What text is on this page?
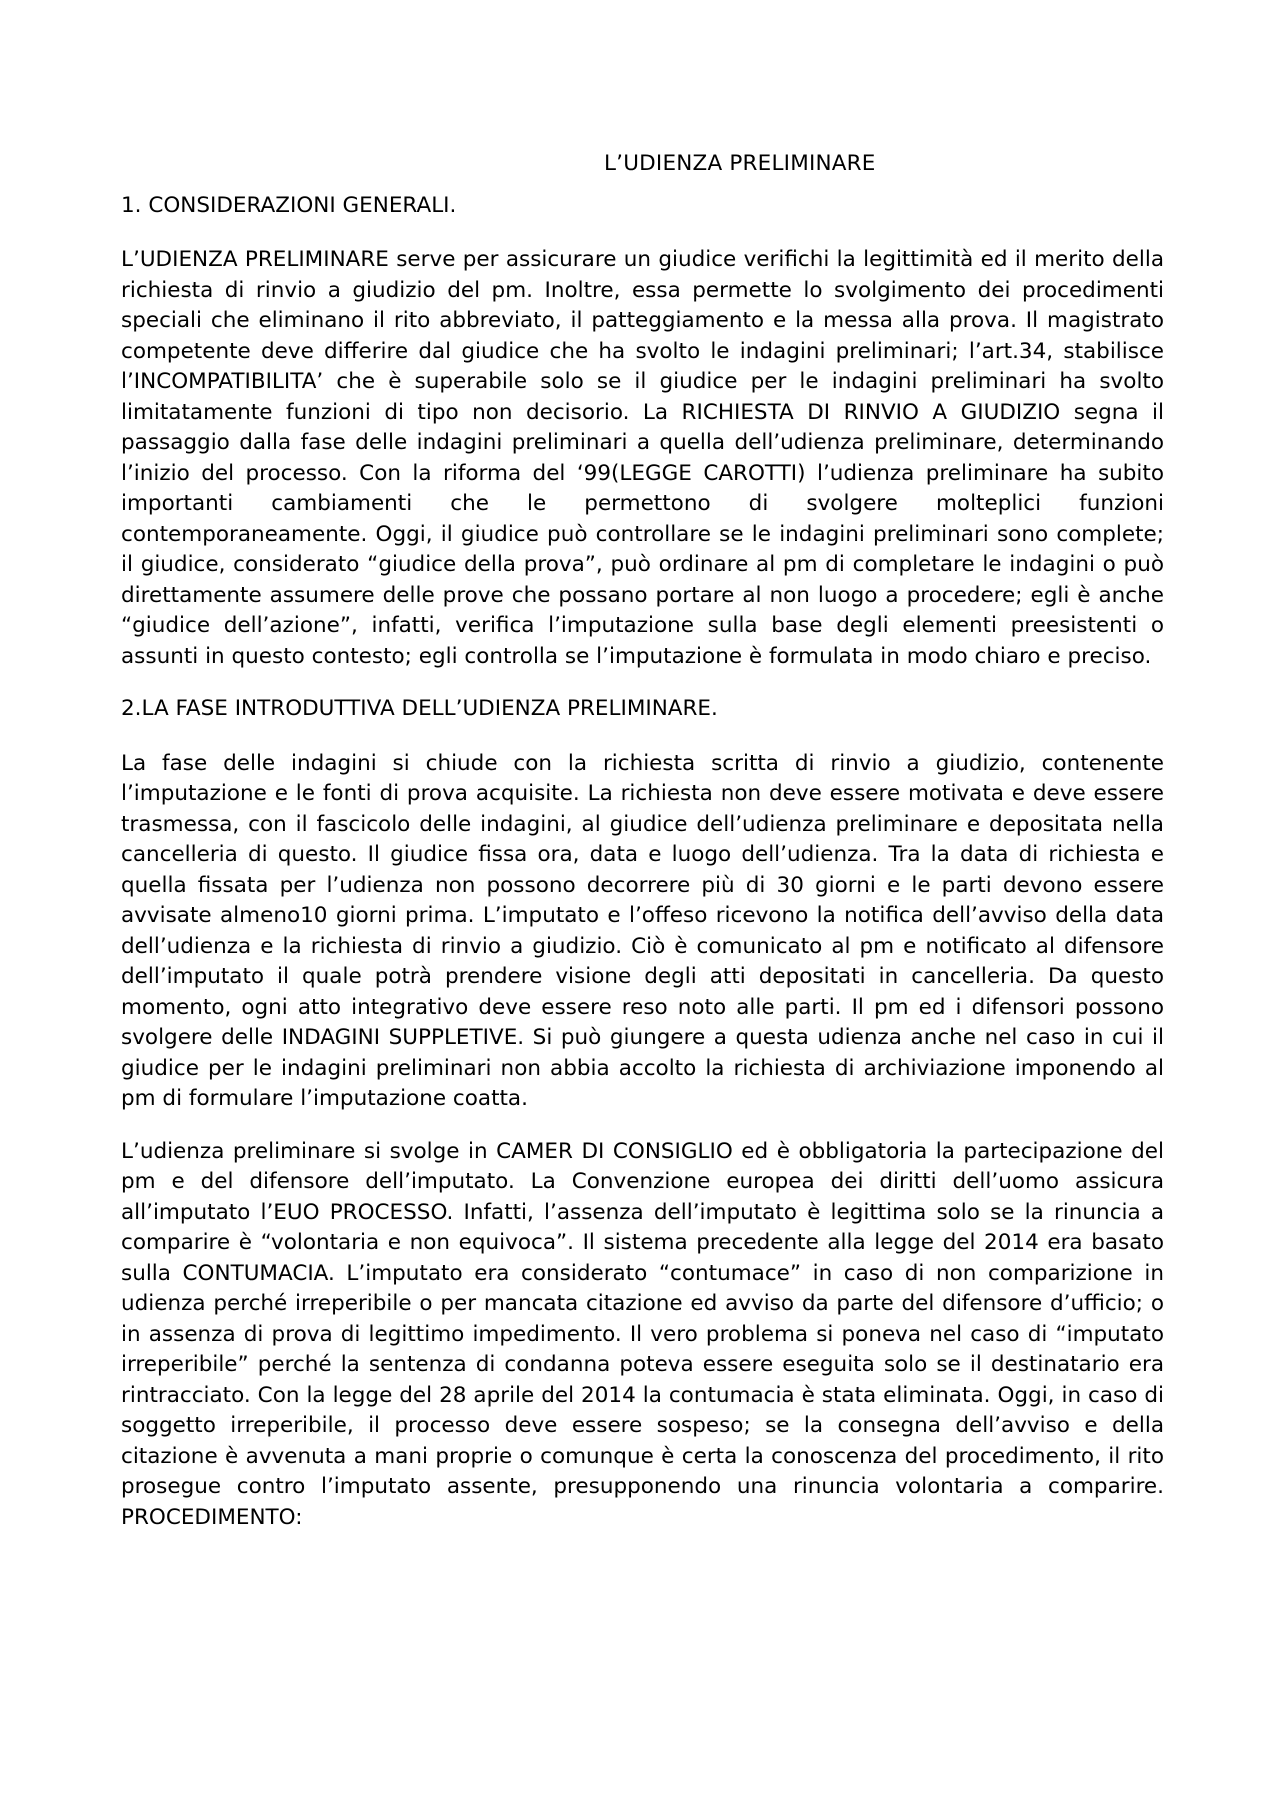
L’UDIENZA PRELIMINARE
1. CONSIDERAZIONI GENERALI.

L’UDIENZA PRELIMINARE serve per assicurare un giudice verifichi la legittimità ed il merito della richiesta di rinvio a giudizio del pm. Inoltre, essa permette lo svolgimento dei procedimenti speciali che eliminano il rito abbreviato, il patteggiamento e la messa alla prova. Il magistrato competente deve differire dal giudice che ha svolto le indagini preliminari; l’art.34, stabilisce l’INCOMPATIBILITA’ che è superabile solo se il giudice per le indagini preliminari ha svolto limitatamente funzioni di tipo non decisorio. La RICHIESTA DI RINVIO A GIUDIZIO segna il passaggio dalla fase delle indagini preliminari a quella dell’udienza preliminare, determinando l’inizio del processo. Con la riforma del ‘99(LEGGE CAROTTI) l’udienza preliminare ha subito importanti cambiamenti che le permettono di svolgere molteplici funzioni contemporaneamente. Oggi, il giudice può controllare se le indagini preliminari sono complete; il giudice, considerato “giudice della prova”, può ordinare al pm di completare le indagini o può direttamente assumere delle prove che possano portare al non luogo a procedere; egli è anche “giudice dell’azione”, infatti, verifica l’imputazione sulla base degli elementi preesistenti o assunti in questo contesto; egli controlla se l’imputazione è formulata in modo chiaro e preciso.

2.LA FASE INTRODUTTIVA DELL’UDIENZA PRELIMINARE.

La fase delle indagini si chiude con la richiesta scritta di rinvio a giudizio, contenente l’imputazione e le fonti di prova acquisite. La richiesta non deve essere motivata e deve essere trasmessa, con il fascicolo delle indagini, al giudice dell’udienza preliminare e depositata nella cancelleria di questo. Il giudice fissa ora, data e luogo dell’udienza. Tra la data di richiesta e quella fissata per l’udienza non possono decorrere più di 30 giorni e le parti devono essere avvisate almeno10 giorni prima. L’imputato e l’offeso ricevono la notifica dell’avviso della data dell’udienza e la richiesta di rinvio a giudizio. Ciò è comunicato al pm e notificato al difensore dell’imputato il quale potrà prendere visione degli atti depositati in cancelleria. Da questo momento, ogni atto integrativo deve essere reso noto alle parti. Il pm ed i difensori possono svolgere delle INDAGINI SUPPLETIVE. Si può giungere a questa udienza anche nel caso in cui il giudice per le indagini preliminari non abbia accolto la richiesta di archiviazione imponendo al pm di formulare l’imputazione coatta.

L’udienza preliminare si svolge in CAMER DI CONSIGLIO ed è obbligatoria la partecipazione del pm e del difensore dell’imputato. La Convenzione europea dei diritti dell’uomo assicura all’imputato l’EUO PROCESSO. Infatti, l’assenza dell’imputato è legittima solo se la rinuncia a comparire è “volontaria e non equivoca”. Il sistema precedente alla legge del 2014 era basato sulla CONTUMACIA. L’imputato era considerato “contumace” in caso di non comparizione in udienza perché irreperibile o per mancata citazione ed avviso da parte del difensore d’ufficio; o in assenza di prova di legittimo impedimento. Il vero problema si poneva nel caso di “imputato irreperibile” perché la sentenza di condanna poteva essere eseguita solo se il destinatario era rintracciato. Con la legge del 28 aprile del 2014 la contumacia è stata eliminata. Oggi, in caso di soggetto irreperibile, il processo deve essere sospeso; se la consegna dell’avviso e della citazione è avvenuta a mani proprie o comunque è certa la conoscenza del procedimento, il rito prosegue contro l’imputato assente, presupponendo una rinuncia volontaria a comparire. PROCEDIMENTO:
